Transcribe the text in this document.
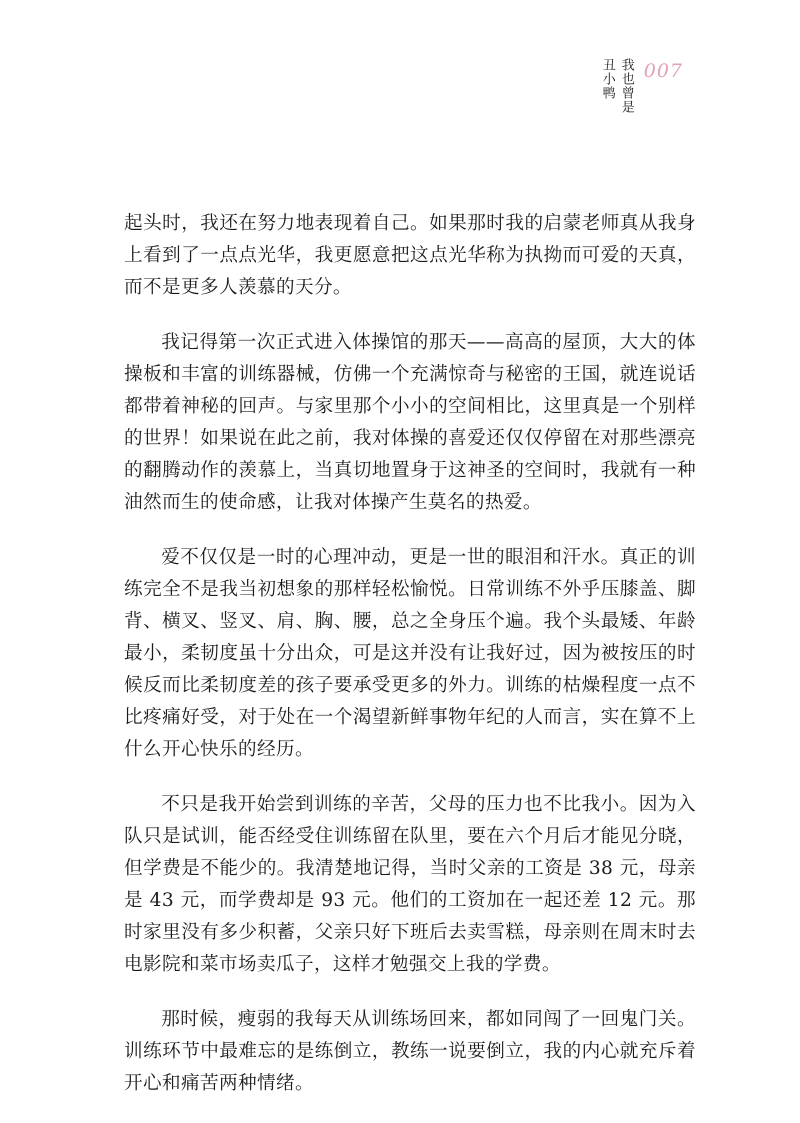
丑小鸭 我也曾是 007

起头时，我还在努力地表现着自己。如果那时我的启蒙老师真从我身上看到了一点点光华，我更愿意把这点光华称为执拗而可爱的天真，而不是更多人羡慕的天分。

我记得第一次正式进入体操馆的那天——高高的屋顶，大大的体操板和丰富的训练器械，仿佛一个充满惊奇与秘密的王国，就连说话都带着神秘的回声。与家里那个小小的空间相比，这里真是一个别样的世界！如果说在此之前，我对体操的喜爱还仅仅停留在对那些漂亮的翻腾动作的羡慕上，当真切地置身于这神圣的空间时，我就有一种油然而生的使命感，让我对体操产生莫名的热爱。

爱不仅仅是一时的心理冲动，更是一世的眼泪和汗水。真正的训练完全不是我当初想象的那样轻松愉悦。日常训练不外乎压膝盖、脚背、横叉、竖叉、肩、胸、腰，总之全身压个遍。我个头最矮、年龄最小，柔韧度虽十分出众，可是这并没有让我好过，因为被按压的时候反而比柔韧度差的孩子要承受更多的外力。训练的枯燥程度一点不比疼痛好受，对于处在一个渴望新鲜事物年纪的人而言，实在算不上什么开心快乐的经历。

不只是我开始尝到训练的辛苦，父母的压力也不比我小。因为入队只是试训，能否经受住训练留在队里，要在六个月后才能见分晓，但学费是不能少的。我清楚地记得，当时父亲的工资是 38 元，母亲是 43 元，而学费却是 93 元。他们的工资加在一起还差 12 元。那时家里没有多少积蓄，父亲只好下班后去卖雪糕，母亲则在周末时去电影院和菜市场卖瓜子，这样才勉强交上我的学费。

那时候，瘦弱的我每天从训练场回来，都如同闯了一回鬼门关。训练环节中最难忘的是练倒立，教练一说要倒立，我的内心就充斥着开心和痛苦两种情绪。
